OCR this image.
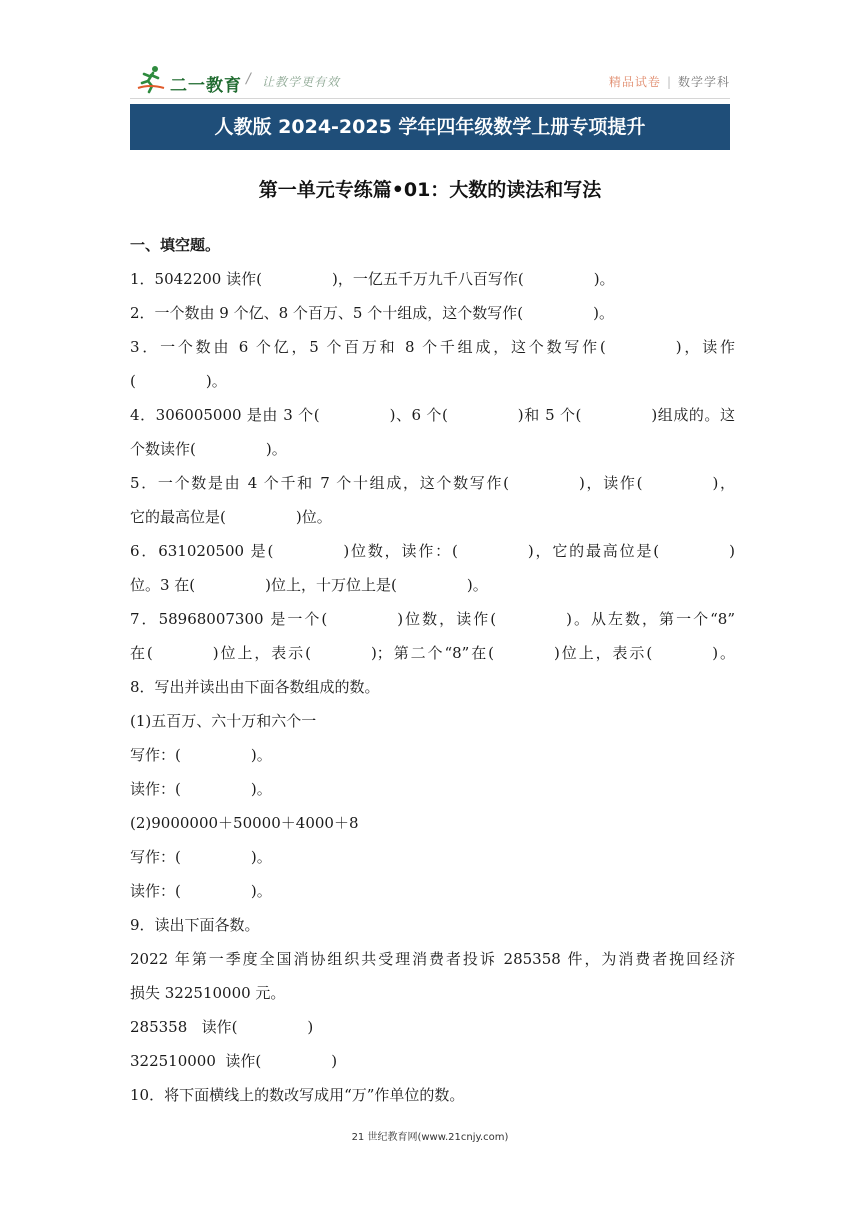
二一教育 / 让教学更有效	精品试卷 | 数学学科
人教版 2024-2025 学年四年级数学上册专项提升
第一单元专练篇•01：大数的读法和写法
一、填空题。
1．5042200 读作(	)，一亿五千万九千八百写作(	)。
2．一个数由 9 个亿、8 个百万、5 个十组成，这个数写作(	)。
3．一个数由 6 个亿，5 个百万和 8 个千组成，这个数写作(	)，读作
(	)。
4．306005000 是由 3 个(	)、6 个(	)和 5 个(	)组成的。这
个数读作(	)。
5．一个数是由 4 个千和 7 个十组成，这个数写作(	)，读作(	)，
它的最高位是(	)位。
6．631020500 是(	)位数，读作：(	)，它的最高位是(	)
位。3 在(	)位上，十万位上是(	)。
7．58968007300 是一个(	)位数，读作(	)。从左数，第一个“8”
在(	)位上，表示(	)；第二个“8”在(	)位上，表示(	)。
8．写出并读出由下面各数组成的数。
(1)五百万、六十万和六个一
写作：(	)。
读作：(	)。
(2)9000000＋50000＋4000＋8
写作：(	)。
读作：(	)。
9．读出下面各数。
2022 年第一季度全国消协组织共受理消费者投诉 285358 件，为消费者挽回经济
损失 322510000 元。
285358   读作(	)
322510000  读作(	)
10．将下面横线上的数改写成用“万”作单位的数。
21 世纪教育网(www.21cnjy.com)
